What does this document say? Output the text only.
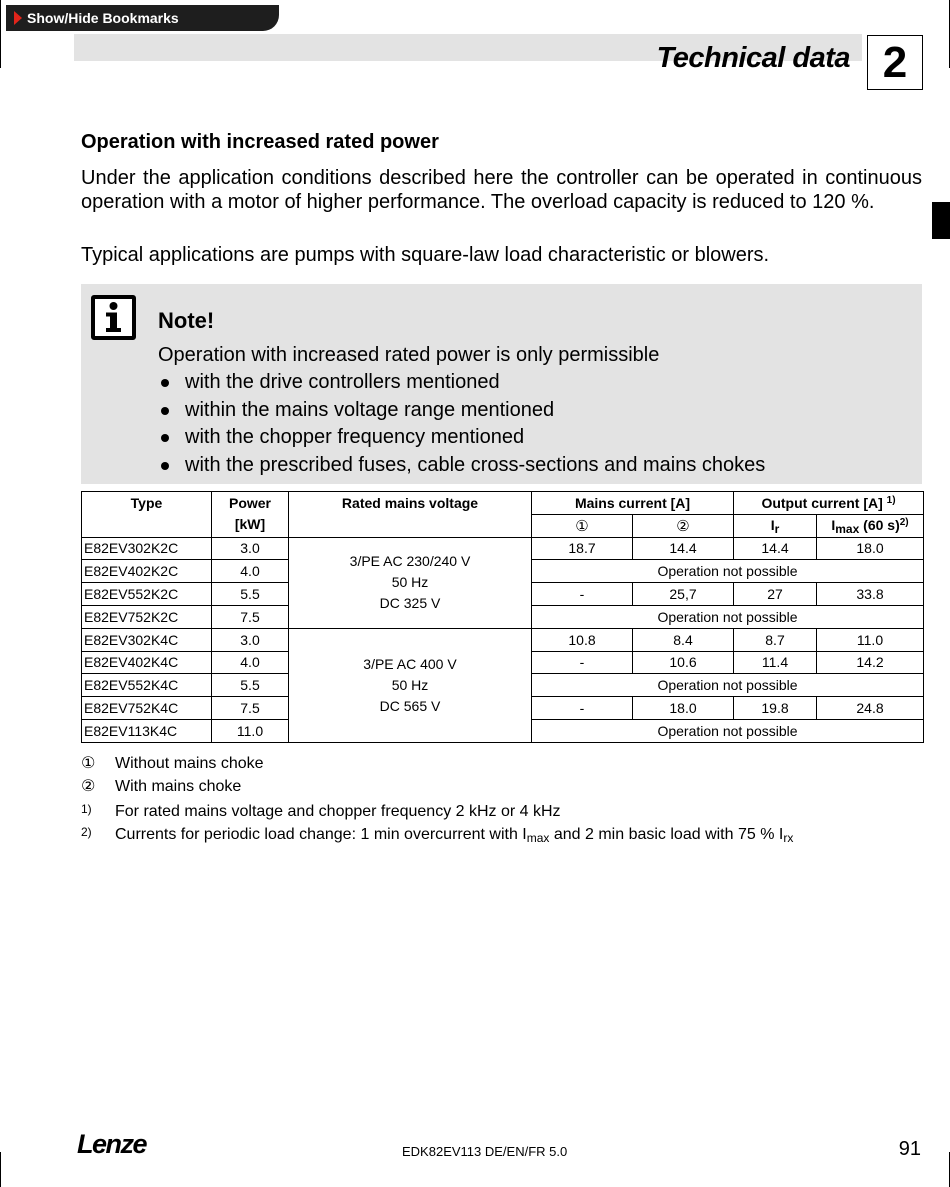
Show/Hide Bookmarks
Technical data 2
Operation with increased rated power
Under the application conditions described here the controller can be operated in continuous operation with a motor of higher performance. The overload capacity is reduced to 120 %.
Typical applications are pumps with square-law load characteristic or blowers.
Note!
Operation with increased rated power is only permissible
with the drive controllers mentioned
within the mains voltage range mentioned
with the chopper frequency mentioned
with the prescribed fuses, cable cross-sections and mains chokes
Type	Power	Rated mains voltage	Mains current [A]		Output current [A] $^{1)}$
	[kW]		①	②	$I_r$	$I_{max}$ (60 s)$^{2)}$
E82EV302K2C	3.0	3/PE AC 230/240 V
50 Hz
DC 325 V	18.7	14.4	14.4	18.0
E82EV402K2C	4.0		Operation not possible			
E82EV552K2C	5.5		-	25,7	27	33.8
E82EV752K2C	7.5		Operation not possible			
E82EV302K4C	3.0	3/PE AC 400 V
50 Hz
DC 565 V	10.8	8.4	8.7	11.0
E82EV402K4C	4.0		-	10.6	11.4	14.2
E82EV552K4C	5.5		Operation not possible			
E82EV752K4C	7.5		-	18.0	19.8	24.8
E82EV113K4C	11.0		Operation not possible			
① Without mains choke
② With mains choke
1) For rated mains voltage and chopper frequency 2 kHz or 4 kHz
2) Currents for periodic load change: 1 min overcurrent with $I_{max}$ and 2 min basic load with 75 % $I_{rx}$
Lenze	EDK82EV113 DE/EN/FR 5.0	91
